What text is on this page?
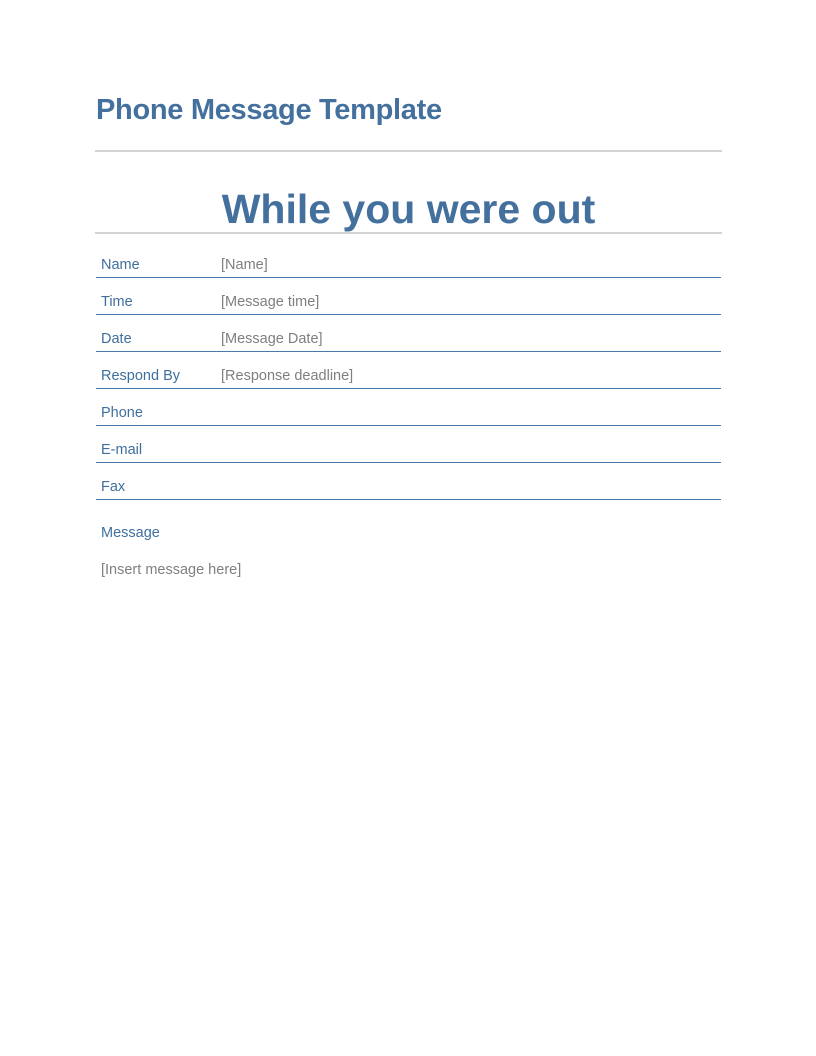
Phone Message Template
While you were out
Name	[Name]
Time	[Message time]
Date	[Message Date]
Respond By	[Response deadline]
Phone
E-mail
Fax
Message
[Insert message here]
